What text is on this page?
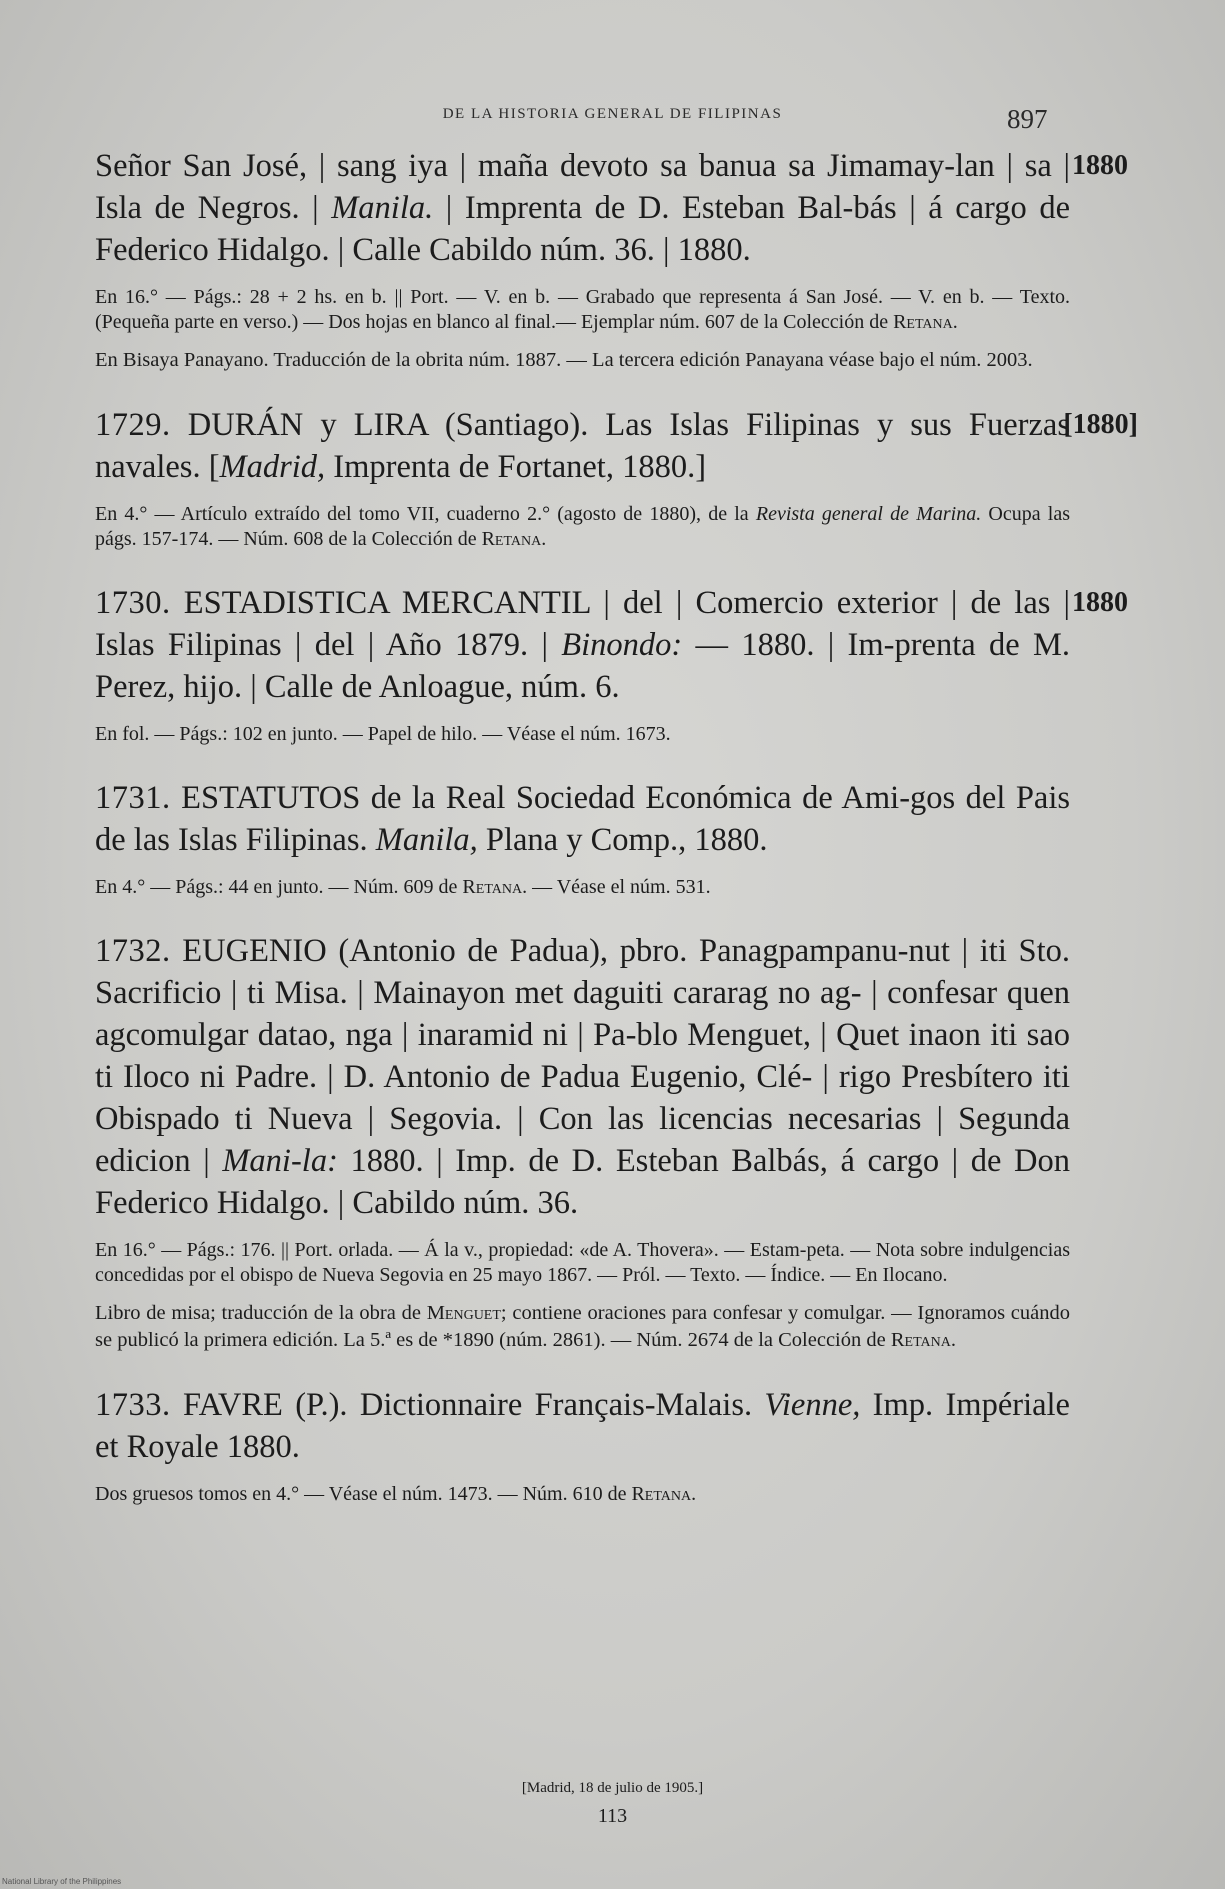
DE LA HISTORIA GENERAL DE FILIPINAS	897
1880
Señor San José, | sang iya | maña devoto sa banua sa Jimamay-lan | sa | Isla de Negros. | Manila. | Imprenta de D. Esteban Bal-bás | á cargo de Federico Hidalgo. | Calle Cabildo núm. 36. | 1880.
En 16.° — Págs.: 28 + 2 hs. en b. || Port. — V. en b. — Grabado que representa á San José. — V. en b. — Texto. (Pequeña parte en verso.) — Dos hojas en blanco al final.— Ejemplar núm. 607 de la Colección de Retana.
En Bisaya Panayano. Traducción de la obrita núm. 1887. — La tercera edición Panayana véase bajo el núm. 2003.
[1880]
1729. DURÁN y LIRA (Santiago). Las Islas Filipinas y sus Fuerzas navales. [Madrid, Imprenta de Fortanet, 1880.]
En 4.° — Artículo extraído del tomo VII, cuaderno 2.° (agosto de 1880), de la Revista general de Marina. Ocupa las págs. 157-174. — Núm. 608 de la Colección de Retana.
1880
1730. ESTADISTICA MERCANTIL | del | Comercio exterior | de las | Islas Filipinas | del | Año 1879. | Binondo: — 1880. | Im-prenta de M. Perez, hijo. | Calle de Anloague, núm. 6.
En fol. — Págs.: 102 en junto. — Papel de hilo. — Véase el núm. 1673.
1731. ESTATUTOS de la Real Sociedad Económica de Ami-gos del Pais de las Islas Filipinas. Manila, Plana y Comp., 1880.
En 4.° — Págs.: 44 en junto. — Núm. 609 de Retana. — Véase el núm. 531.
1732. EUGENIO (Antonio de Padua), pbro. Panagpampanu-nut | iti Sto. Sacrificio | ti Misa. | Mainayon met daguiti cararag no ag- | confesar quen agcomulgar datao, nga | inaramid ni | Pa-blo Menguet, | Quet inaon iti sao ti Iloco ni Padre. | D. Antonio de Padua Eugenio, Clé- | rigo Presbítero iti Obispado ti Nueva | Segovia. | Con las licencias necesarias | Segunda edicion | Mani-la: 1880. | Imp. de D. Esteban Balbás, á cargo | de Don Federico Hidalgo. | Cabildo núm. 36.
En 16.° — Págs.: 176. || Port. orlada. — Á la v., propiedad: «de A. Thovera». — Estam-peta. — Nota sobre indulgencias concedidas por el obispo de Nueva Segovia en 25 mayo 1867. — Pról. — Texto. — Índice. — En Ilocano.
Libro de misa; traducción de la obra de Menguet; contiene oraciones para confesar y comulgar. — Ignoramos cuándo se publicó la primera edición. La 5.ª es de *1890 (núm. 2861). — Núm. 2674 de la Colección de Retana.
1733. FAVRE (P.). Dictionnaire Français-Malais. Vienne, Imp. Impériale et Royale 1880.
Dos gruesos tomos en 4.° — Véase el núm. 1473. — Núm. 610 de Retana.
[Madrid, 18 de julio de 1905.]
113
National Library of the Philippines
